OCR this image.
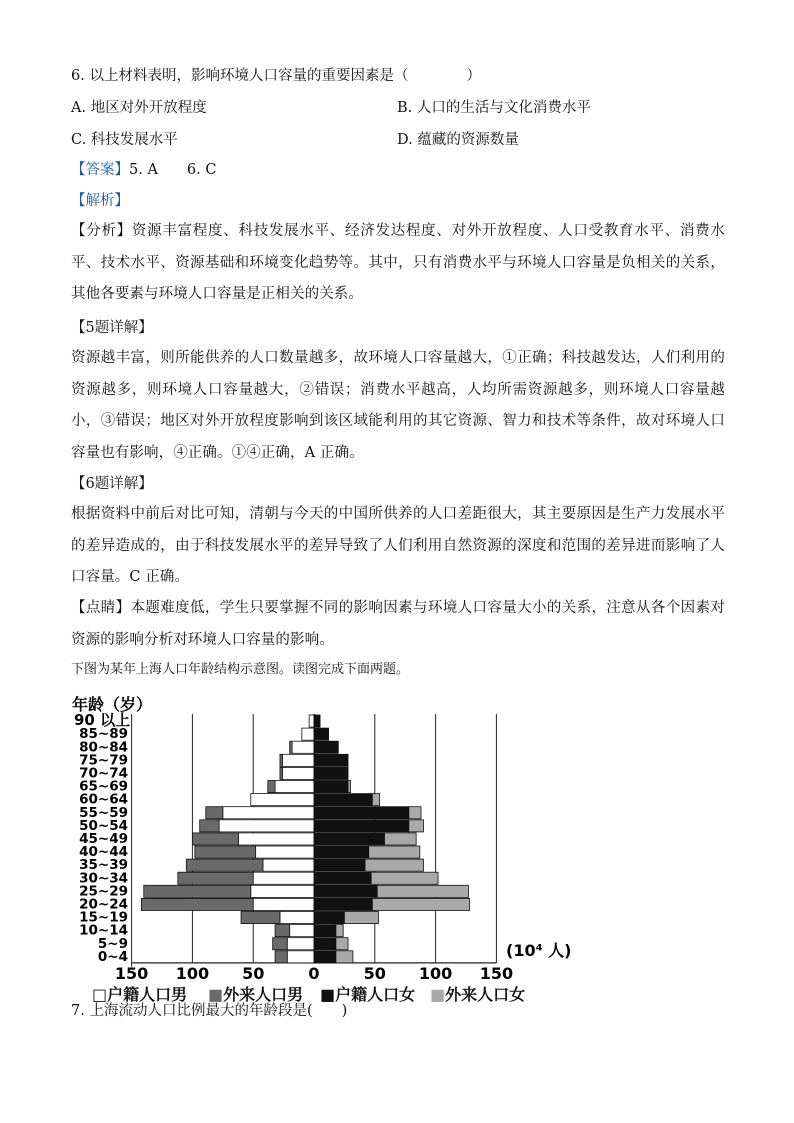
6. 以上材料表明，影响环境人口容量的重要因素是（　　　　）
A. 地区对外开放程度	B. 人口的生活与文化消费水平
C. 科技发展水平	D. 蕴藏的资源数量
【答案】5. A　　6. C
【解析】
【分析】资源丰富程度、科技发展水平、经济发达程度、对外开放程度、人口受教育水平、消费水平、技术水平、资源基础和环境变化趋势等。其中，只有消费水平与环境人口容量是负相关的关系，其他各要素与环境人口容量是正相关的关系。
【5题详解】
资源越丰富，则所能供养的人口数量越多，故环境人口容量越大，①正确；科技越发达，人们利用的资源越多，则环境人口容量越大，②错误；消费水平越高，人均所需资源越多，则环境人口容量越小，③错误；地区对外开放程度影响到该区域能利用的其它资源、智力和技术等条件，故对环境人口容量也有影响，④正确。①④正确，A 正确。
【6题详解】
根据资料中前后对比可知，清朝与今天的中国所供养的人口差距很大，其主要原因是生产力发展水平的差异造成的，由于科技发展水平的差异导致了人们利用自然资源的深度和范围的差异进而影响了人口容量。C 正确。
【点睛】本题难度低，学生只要掌握不同的影响因素与环境人口容量大小的关系，注意从各个因素对资源的影响分析对环境人口容量的影响。
下图为某年上海人口年龄结构示意图。读图完成下面两题。
年龄（岁）
0~4
5~9
10~14
15~19
20~24
25~29
30~34
35~39
40~44
45~49
50~54
55~59
60~64
65~69
70~74
75~79
80~84
85~89
90 以上
150 100 50	0	50 100 150
(10⁴ 人)
□户籍人口男 ■外来人口男 ■户籍人口女 ■外来人口女
7. 上海流动人口比例最大的年龄段是(　　)
